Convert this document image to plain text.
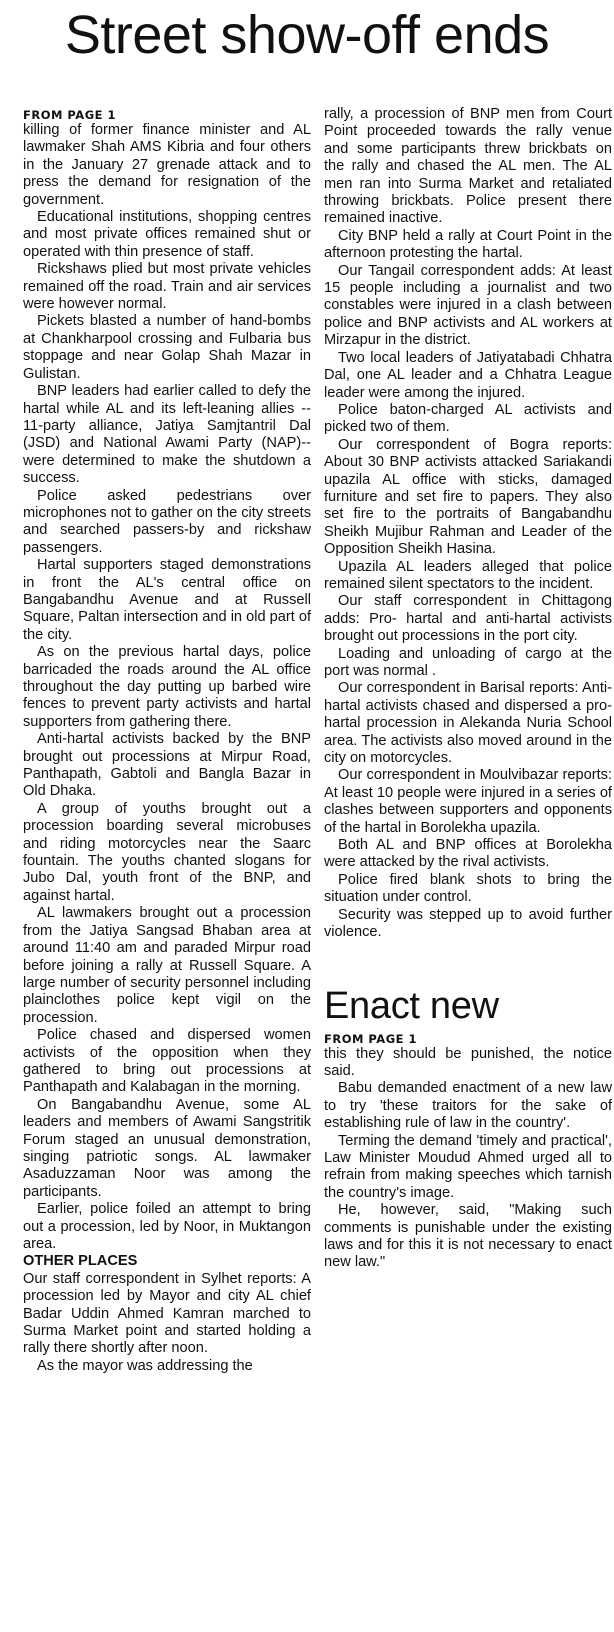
Street show-off ends
FROM PAGE 1

killing of former finance minister and AL lawmaker Shah AMS Kibria and four others in the January 27 grenade attack and to press the demand for resignation of the government.

Educational institutions, shopping centres and most private offices remained shut or operated with thin presence of staff.

Rickshaws plied but most private vehicles remained off the road. Train and air services were however normal.

Pickets blasted a number of hand-bombs at Chankharpool crossing and Fulbaria bus stoppage and near Golap Shah Mazar in Gulistan.

BNP leaders had earlier called to defy the hartal while AL and its left-leaning allies -- 11-party alliance, Jatiya Samjtantril Dal (JSD) and National Awami Party (NAP)-- were determined to make the shutdown a success.

Police asked pedestrians over microphones not to gather on the city streets and searched passers-by and rickshaw passengers.

Hartal supporters staged demonstrations in front the AL's central office on Bangabandhu Avenue and at Russell Square, Paltan intersection and in old part of the city.

As on the previous hartal days, police barricaded the roads around the AL office throughout the day putting up barbed wire fences to prevent party activists and hartal supporters from gathering there.

Anti-hartal activists backed by the BNP brought out processions at Mirpur Road, Panthapath, Gabtoli and Bangla Bazar in Old Dhaka.

A group of youths brought out a procession boarding several microbuses and riding motorcycles near the Saarc fountain. The youths chanted slogans for Jubo Dal, youth front of the BNP, and against hartal.

AL lawmakers brought out a procession from the Jatiya Sangsad Bhaban area at around 11:40 am and paraded Mirpur road before joining a rally at Russell Square. A large number of security personnel including plainclothes police kept vigil on the procession.

Police chased and dispersed women activists of the opposition when they gathered to bring out processions at Panthapath and Kalabagan in the morning.

On Bangabandhu Avenue, some AL leaders and members of Awami Sangstritik Forum staged an unusual demonstration, singing patriotic songs. AL lawmaker Asaduzzaman Noor was among the participants.

Earlier, police foiled an attempt to bring out a procession, led by Noor, in Muktangon area.

OTHER PLACES

Our staff correspondent in Sylhet reports: A procession led by Mayor and city AL chief Badar Uddin Ahmed Kamran marched to Surma Market point and started holding a rally there shortly after noon.

As the mayor was addressing the

rally, a procession of BNP men from Court Point proceeded towards the rally venue and some participants threw brickbats on the rally and chased the AL men. The AL men ran into Surma Market and retaliated throwing brickbats. Police present there remained inactive.

City BNP held a rally at Court Point in the afternoon protesting the hartal.

Our Tangail correspondent adds: At least 15 people including a journalist and two constables were injured in a clash between police and BNP activists and AL workers at Mirzapur in the district.

Two local leaders of Jatiyatabadi Chhatra Dal, one AL leader and a Chhatra League leader were among the injured.

Police baton-charged AL activists and picked two of them.

Our correspondent of Bogra reports: About 30 BNP activists attacked Sariakandi upazila AL office with sticks, damaged furniture and set fire to papers. They also set fire to the portraits of Bangabandhu Sheikh Mujibur Rahman and Leader of the Opposition Sheikh Hasina.

Upazila AL leaders alleged that police remained silent spectators to the incident.

Our staff correspondent in Chittagong adds: Pro- hartal and anti-hartal activists brought out processions in the port city.

Loading and unloading of cargo at the port was normal .

Our correspondent in Barisal reports: Anti-hartal activists chased and dispersed a pro-hartal procession in Alekanda Nuria School area. The activists also moved around in the city on motorcycles.

Our correspondent in Moulvibazar reports: At least 10 people were injured in a series of clashes between supporters and opponents of the hartal in Borolekha upazila.

Both AL and BNP offices at Borolekha were attacked by the rival activists.

Police fired blank shots to bring the situation under control.

Security was stepped up to avoid further violence.

Enact new
FROM PAGE 1

this they should be punished, the notice said.

Babu demanded enactment of a new law to try 'these traitors for the sake of establishing rule of law in the country'.

Terming the demand 'timely and practical', Law Minister Moudud Ahmed urged all to refrain from making speeches which tarnish the country's image.

He, however, said, "Making such comments is punishable under the existing laws and for this it is not necessary to enact new law."
